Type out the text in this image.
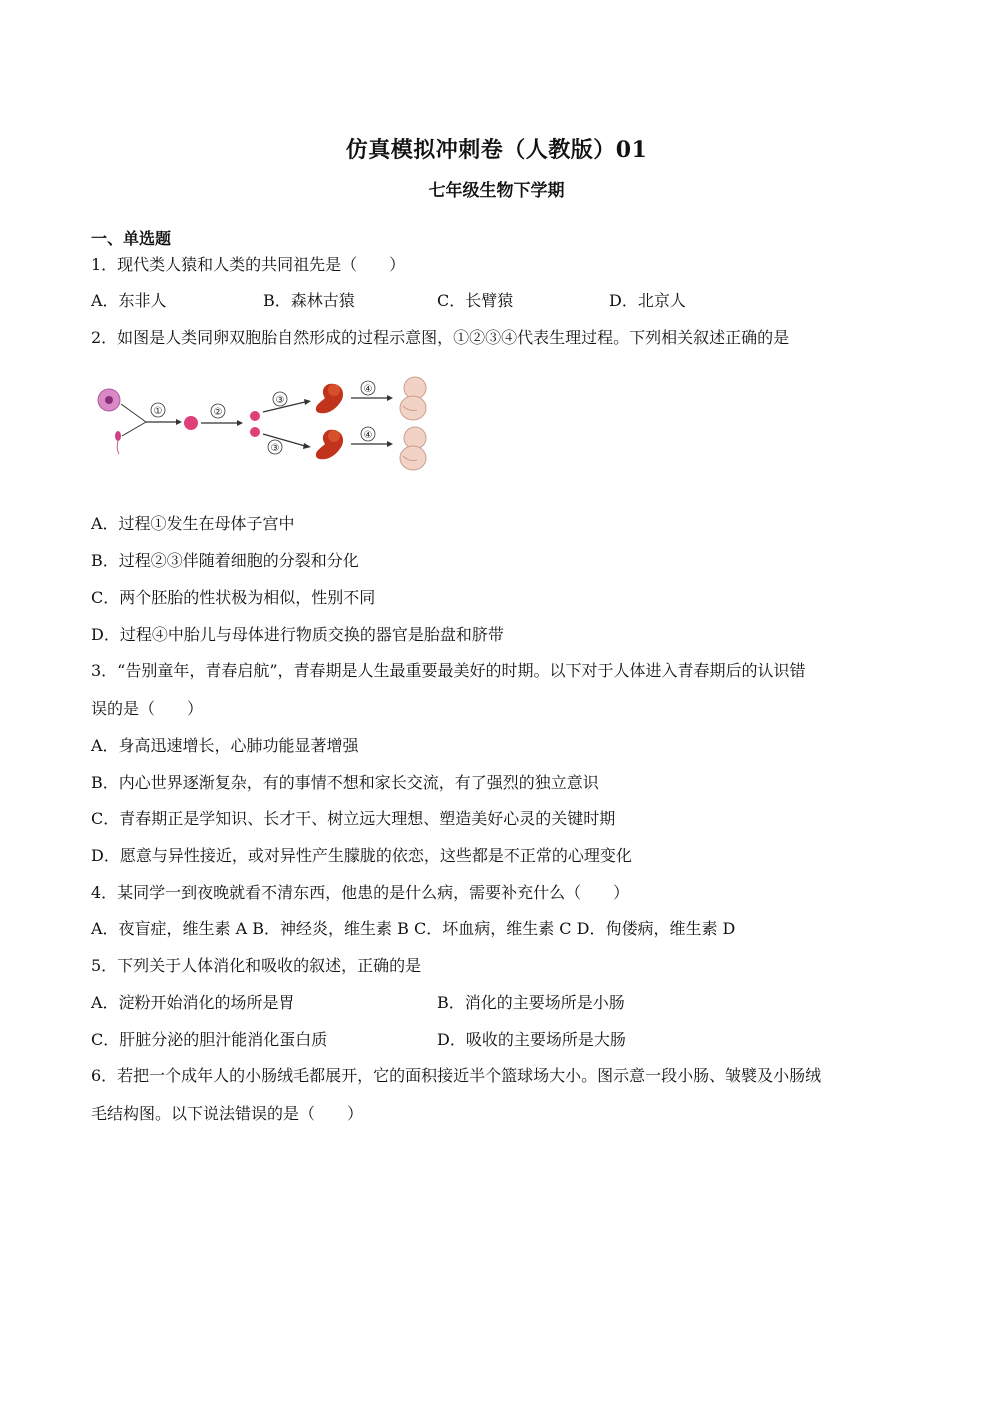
仿真模拟冲刺卷（人教版）01
七年级生物下学期
一、单选题
1．现代类人猿和人类的共同祖先是（　　）
A．东非人	B．森林古猿	C．长臂猿	D．北京人
2．如图是人类同卵双胞胎自然形成的过程示意图，①②③④代表生理过程。下列相关叙述正确的是
①	②
③
③
④
④
A．过程①发生在母体子宫中
B．过程②③伴随着细胞的分裂和分化
C．两个胚胎的性状极为相似，性别不同
D．过程④中胎儿与母体进行物质交换的器官是胎盘和脐带
3．“告别童年，青春启航”，青春期是人生最重要最美好的时期。以下对于人体进入青春期后的认识错
误的是（　　）
A．身高迅速增长，心肺功能显著增强
B．内心世界逐渐复杂，有的事情不想和家长交流，有了强烈的独立意识
C．青春期正是学知识、长才干、树立远大理想、塑造美好心灵的关键时期
D．愿意与异性接近，或对异性产生朦胧的依恋，这些都是不正常的心理变化
4．某同学一到夜晚就看不清东西，他患的是什么病，需要补充什么（　　）
A．夜盲症，维生素 A B．神经炎，维生素 B C．坏血病，维生素 C D．佝偻病，维生素 D
5．下列关于人体消化和吸收的叙述，正确的是
A．淀粉开始消化的场所是胃	B．消化的主要场所是小肠
C．肝脏分泌的胆汁能消化蛋白质	D．吸收的主要场所是大肠
6．若把一个成年人的小肠绒毛都展开，它的面积接近半个篮球场大小。图示意一段小肠、皱襞及小肠绒
毛结构图。以下说法错误的是（　　）
